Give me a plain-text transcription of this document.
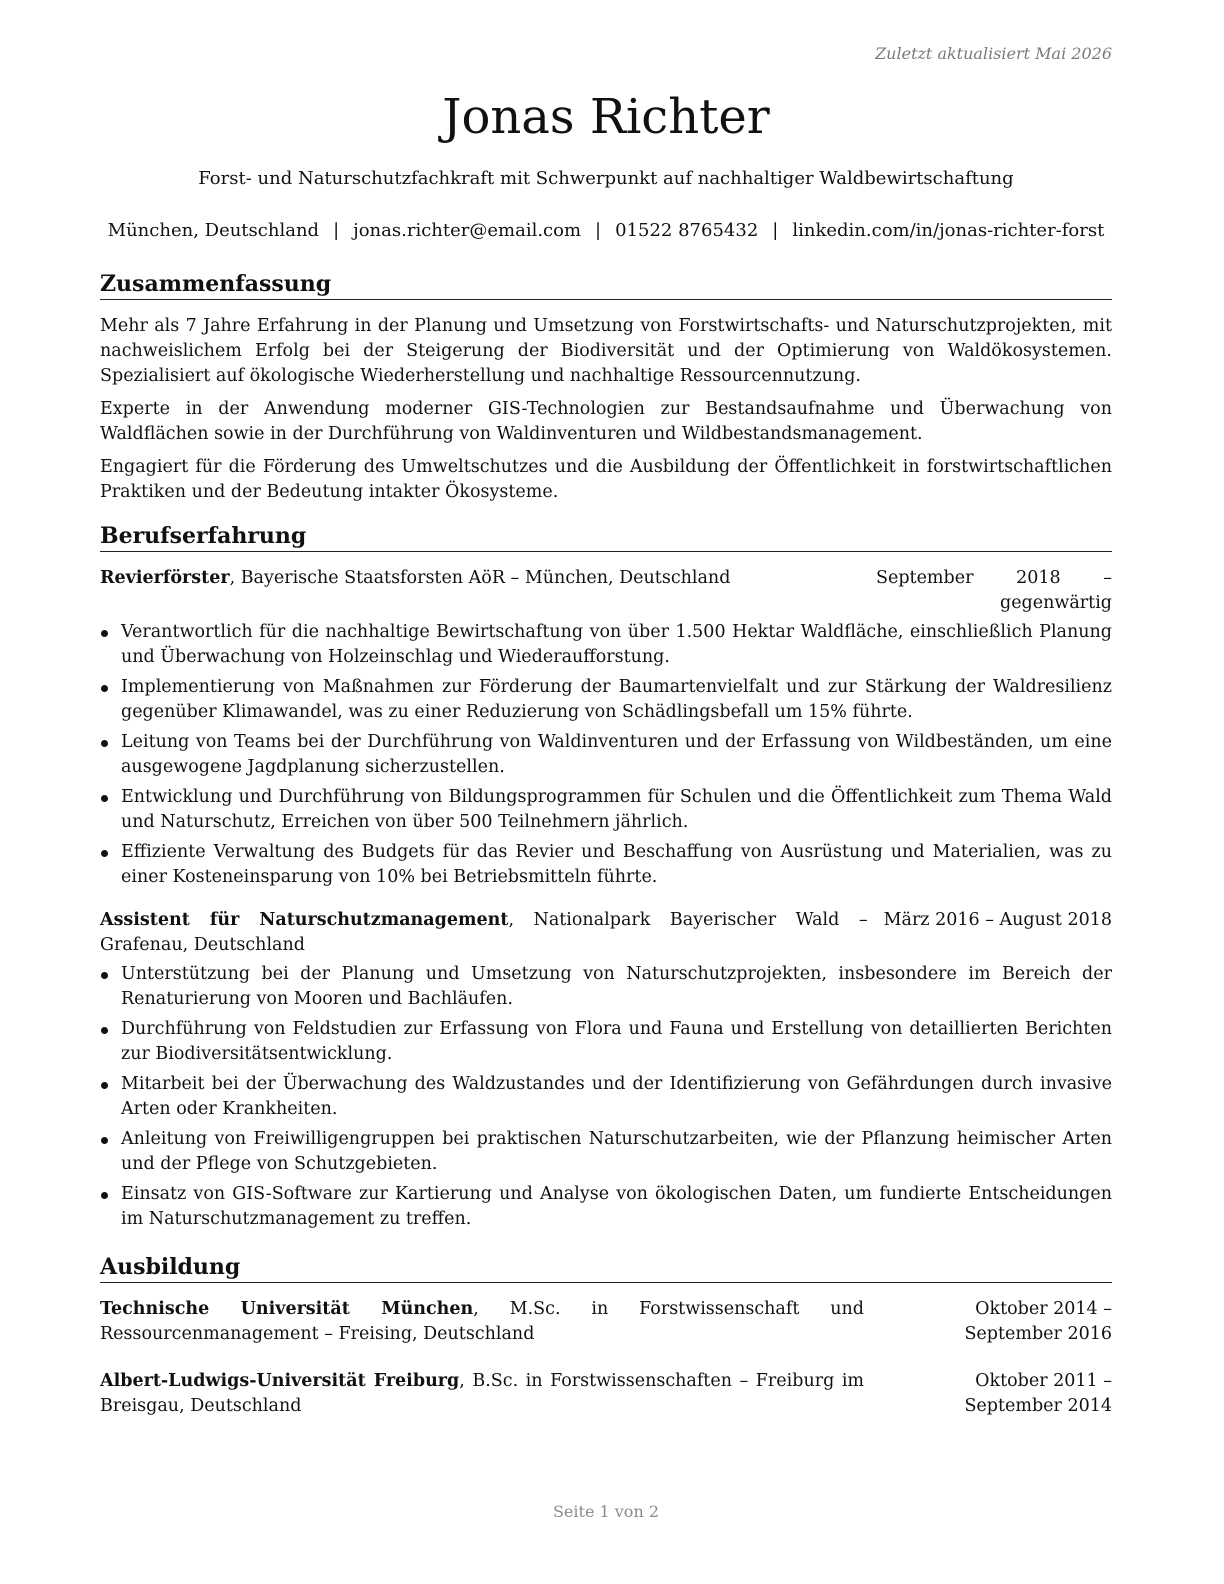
Zuletzt aktualisiert Mai 2026
Jonas Richter
Forst- und Naturschutzfachkraft mit Schwerpunkt auf nachhaltiger Waldbewirtschaftung
München, Deutschland | jonas.richter@email.com | 01522 8765432 | linkedin.com/in/jonas-richter-forst
Zusammenfassung

Mehr als 7 Jahre Erfahrung in der Planung und Umsetzung von Forstwirtschafts- und Naturschutzprojekten, mit nachweislichem Erfolg bei der Steigerung der Biodiversität und der Optimierung von Waldökosystemen. Spezialisiert auf ökologische Wiederherstellung und nachhaltige Ressourcennutzung.

Experte in der Anwendung moderner GIS-Technologien zur Bestandsaufnahme und Überwachung von Waldflächen sowie in der Durchführung von Waldinventuren und Wildbestandsmanagement.

Engagiert für die Förderung des Umweltschutzes und die Ausbildung der Öffentlichkeit in forstwirtschaftlichen Praktiken und der Bedeutung intakter Ökosysteme.

Berufserfahrung
Revierförster, Bayerische Staatsforsten AöR – München, Deutschland	September 2018 – gegenwärtig
Verantwortlich für die nachhaltige Bewirtschaftung von über 1.500 Hektar Waldfläche, einschließlich Planung und Überwachung von Holzeinschlag und Wiederaufforstung.
Implementierung von Maßnahmen zur Förderung der Baumartenvielfalt und zur Stärkung der Waldresilienz gegenüber Klimawandel, was zu einer Reduzierung von Schädlingsbefall um 15% führte.
Leitung von Teams bei der Durchführung von Waldinventuren und der Erfassung von Wildbeständen, um eine ausgewogene Jagdplanung sicherzustellen.
Entwicklung und Durchführung von Bildungsprogrammen für Schulen und die Öffentlichkeit zum Thema Wald und Naturschutz, Erreichen von über 500 Teilnehmern jährlich.
Effiziente Verwaltung des Budgets für das Revier und Beschaffung von Ausrüstung und Materialien, was zu einer Kosteneinsparung von 10% bei Betriebsmitteln führte.
Assistent für Naturschutzmanagement, Nationalpark Bayerischer Wald – Grafenau, Deutschland
März 2016 – August 2018
Unterstützung bei der Planung und Umsetzung von Naturschutzprojekten, insbesondere im Bereich der Renaturierung von Mooren und Bachläufen.
Durchführung von Feldstudien zur Erfassung von Flora und Fauna und Erstellung von detaillierten Berichten zur Biodiversitätsentwicklung.
Mitarbeit bei der Überwachung des Waldzustandes und der Identifizierung von Gefährdungen durch invasive Arten oder Krankheiten.
Anleitung von Freiwilligengruppen bei praktischen Naturschutzarbeiten, wie der Pflanzung heimischer Arten und der Pflege von Schutzgebieten.
Einsatz von GIS-Software zur Kartierung und Analyse von ökologischen Daten, um fundierte Entscheidungen im Naturschutzmanagement zu treffen.
Ausbildung
Technische Universität München, M.Sc. in Forstwissenschaft und Ressourcenmanagement – Freising, Deutschland
Oktober 2014 – September 2016
Albert-Ludwigs-Universität Freiburg, B.Sc. in Forstwissenschaften – Freiburg im Breisgau, Deutschland
Oktober 2011 – September 2014
Seite 1 von 2
